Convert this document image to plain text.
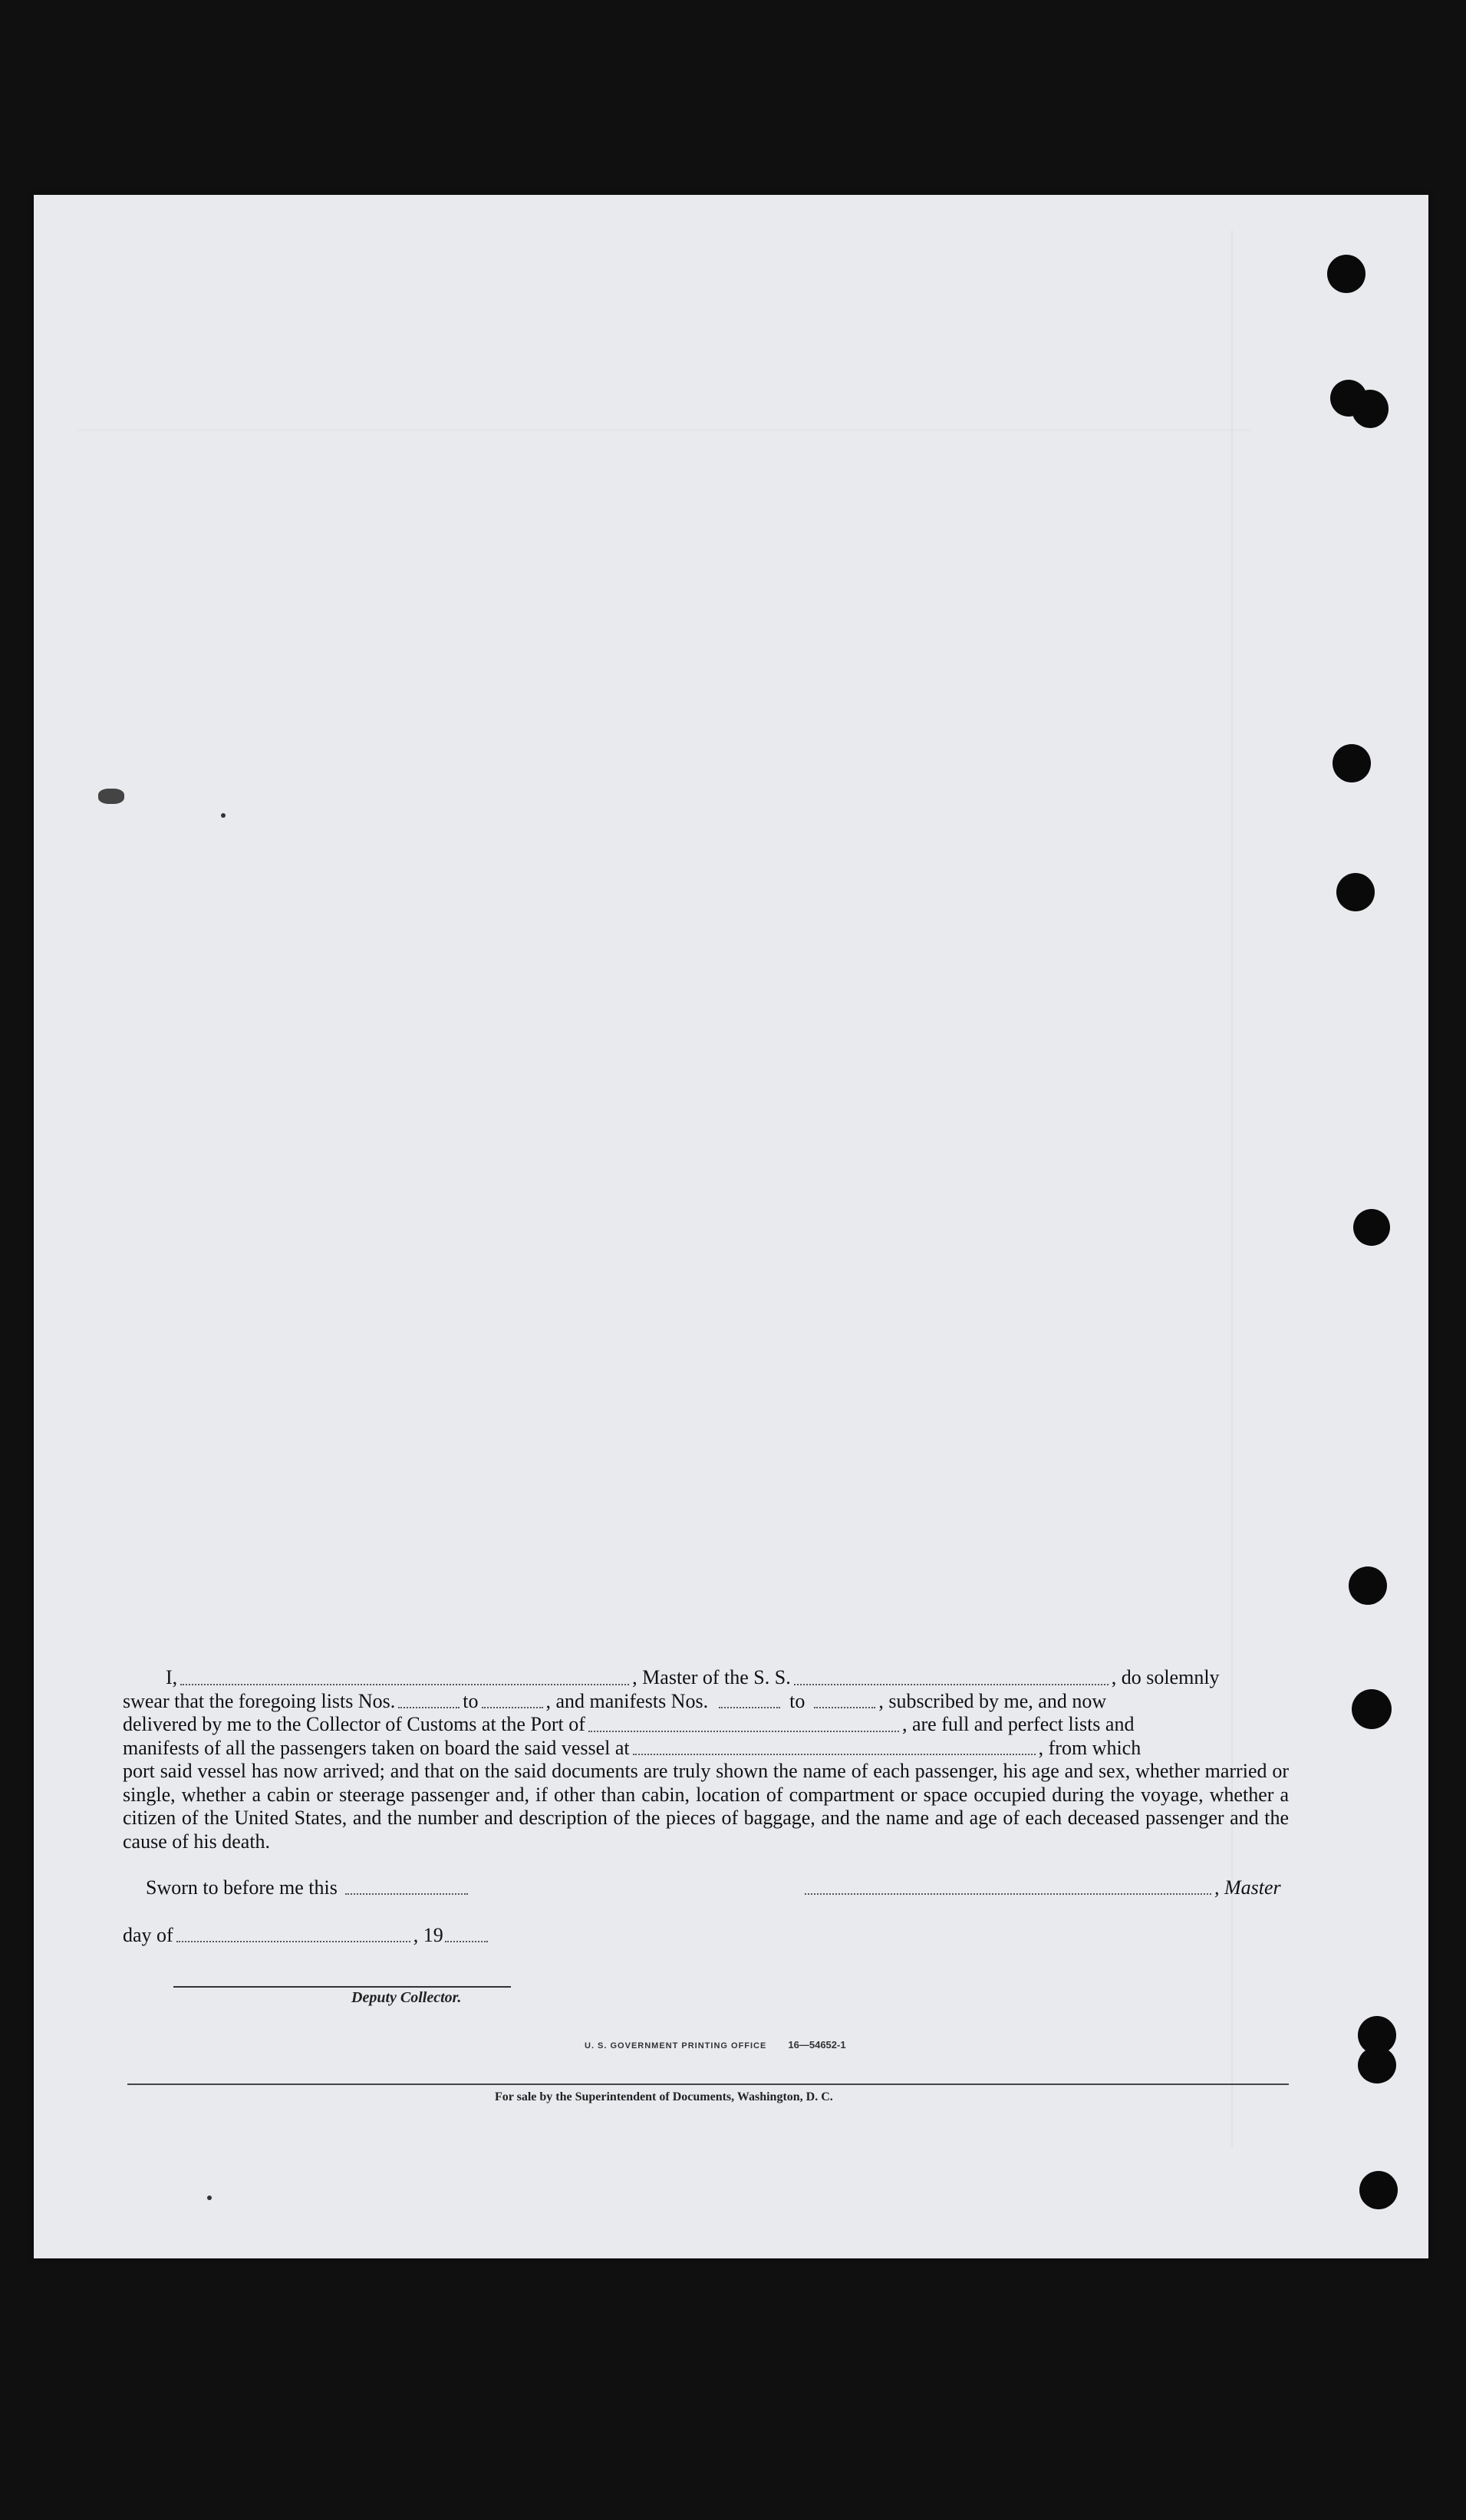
I,	, Master of the S. S.	, do solemnly
swear that the foregoing lists Nos.	to	, and manifests Nos.	to	, subscribed by me, and now
delivered by me to the Collector of Customs at the Port of	, are full and perfect lists and
manifests of all the passengers taken on board the said vessel at	, from which
port said vessel has now arrived; and that on the said documents are truly shown the name of each passenger, his age and sex, whether married or single, whether a cabin or steerage passenger and, if other than cabin, location of compartment or space occupied during the voyage, whether a citizen of the United States, and the number and description of the pieces of baggage, and the name and age of each deceased passenger and the cause of his death.
Sworn to before me this	, Master
day of	, 19
Deputy Collector.
U. S. GOVERNMENT PRINTING OFFICE 16—54652-1
For sale by the Superintendent of Documents, Washington, D. C.
